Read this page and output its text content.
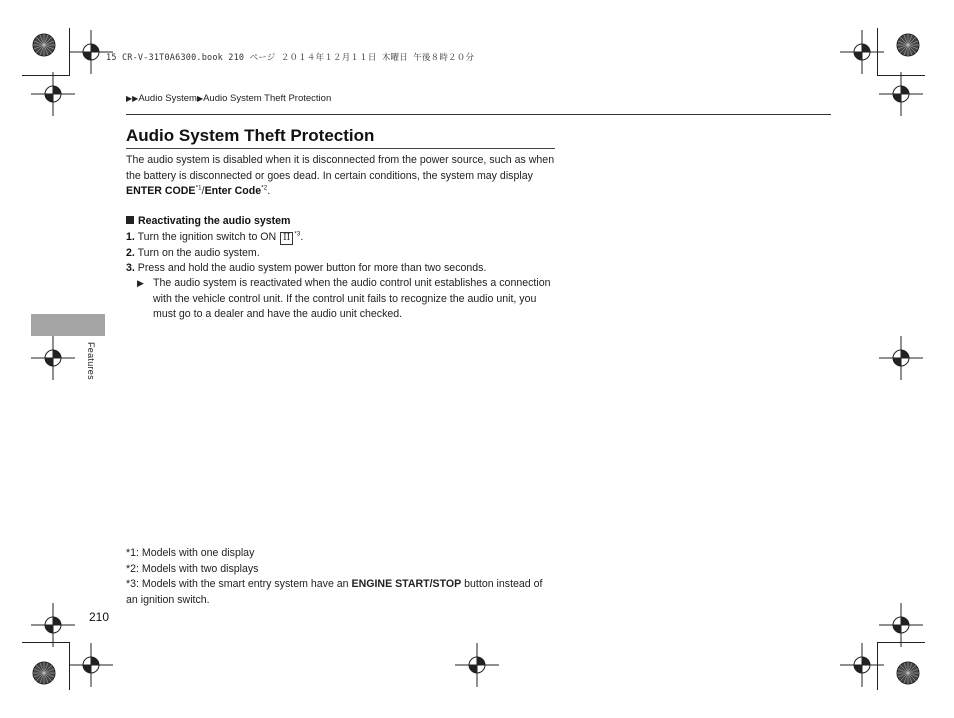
15 CR-V-31T0A6300.book 210 ページ ２０１４年１２月１１日 木曜日 午後８時２０分
▶▶Audio System▶Audio System Theft Protection
Audio System Theft Protection
The audio system is disabled when it is disconnected from the power source, such as when the battery is disconnected or goes dead. In certain conditions, the system may display ENTER CODE$^{*1}$/Enter Code$^{*2}$.
Reactivating the audio system
1. Turn the ignition switch to ON II $^{*3}$.
2. Turn on the audio system.
3. Press and hold the audio system power button for more than two seconds.
▶ The audio system is reactivated when the audio control unit establishes a connection with the vehicle control unit. If the control unit fails to recognize the audio unit, you must go to a dealer and have the audio unit checked.
Features
*1: Models with one display
*2: Models with two displays
*3: Models with the smart entry system have an ENGINE START/STOP button instead of an ignition switch.
210
